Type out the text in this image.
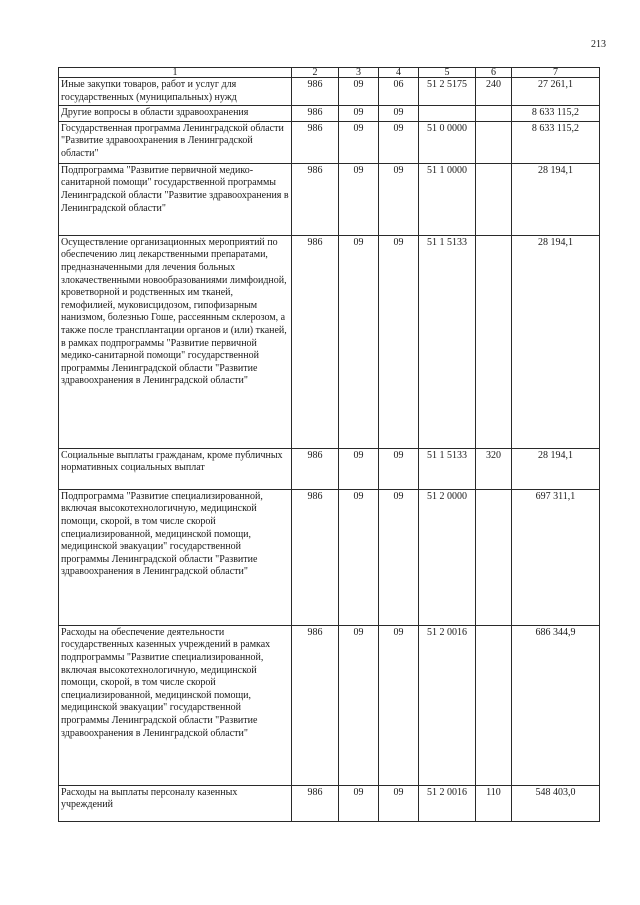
213
1	2	3	4	5	6	7
Иные закупки товаров, работ и услуг для государственных (муниципальных) нужд	986	09	06	51 2 5175	240	27 261,1
Другие вопросы в области здравоохранения	986	09	09			8 633 115,2
Государственная программа Ленинградской области "Развитие здравоохранения в Ленинградской области"	986	09	09	51 0 0000		8 633 115,2
Подпрограмма "Развитие первичной медико-санитарной помощи" государственной программы Ленинградской области "Развитие здравоохранения в Ленинградской области"	986	09	09	51 1 0000		28 194,1
Осуществление организационных мероприятий по обеспечению лиц лекарственными препаратами, предназначенными для лечения больных злокачественными новообразованиями лимфоидной, кроветворной и родственных им тканей, гемофилией, муковисцидозом, гипофизарным нанизмом, болезнью Гоше, рассеянным склерозом, а также после трансплантации органов и (или) тканей, в рамках подпрограммы "Развитие первичной медико-санитарной помощи" государственной программы Ленинградской области "Развитие здравоохранения в Ленинградской области"	986	09	09	51 1 5133		28 194,1
Социальные выплаты гражданам, кроме публичных нормативных социальных выплат	986	09	09	51 1 5133	320	28 194,1
Подпрограмма "Развитие специализированной, включая высокотехнологичную, медицинской помощи, скорой, в том числе скорой специализированной, медицинской помощи, медицинской эвакуации" государственной программы Ленинградской области "Развитие здравоохранения в Ленинградской области"	986	09	09	51 2 0000		697 311,1
Расходы на обеспечение деятельности государственных казенных учреждений в рамках подпрограммы "Развитие специализированной, включая высокотехнологичную, медицинской помощи, скорой, в том числе скорой специализированной, медицинской помощи, медицинской эвакуации" государственной программы Ленинградской области "Развитие здравоохранения в Ленинградской области"	986	09	09	51 2 0016		686 344,9
Расходы на выплаты персоналу казенных учреждений	986	09	09	51 2 0016	110	548 403,0
